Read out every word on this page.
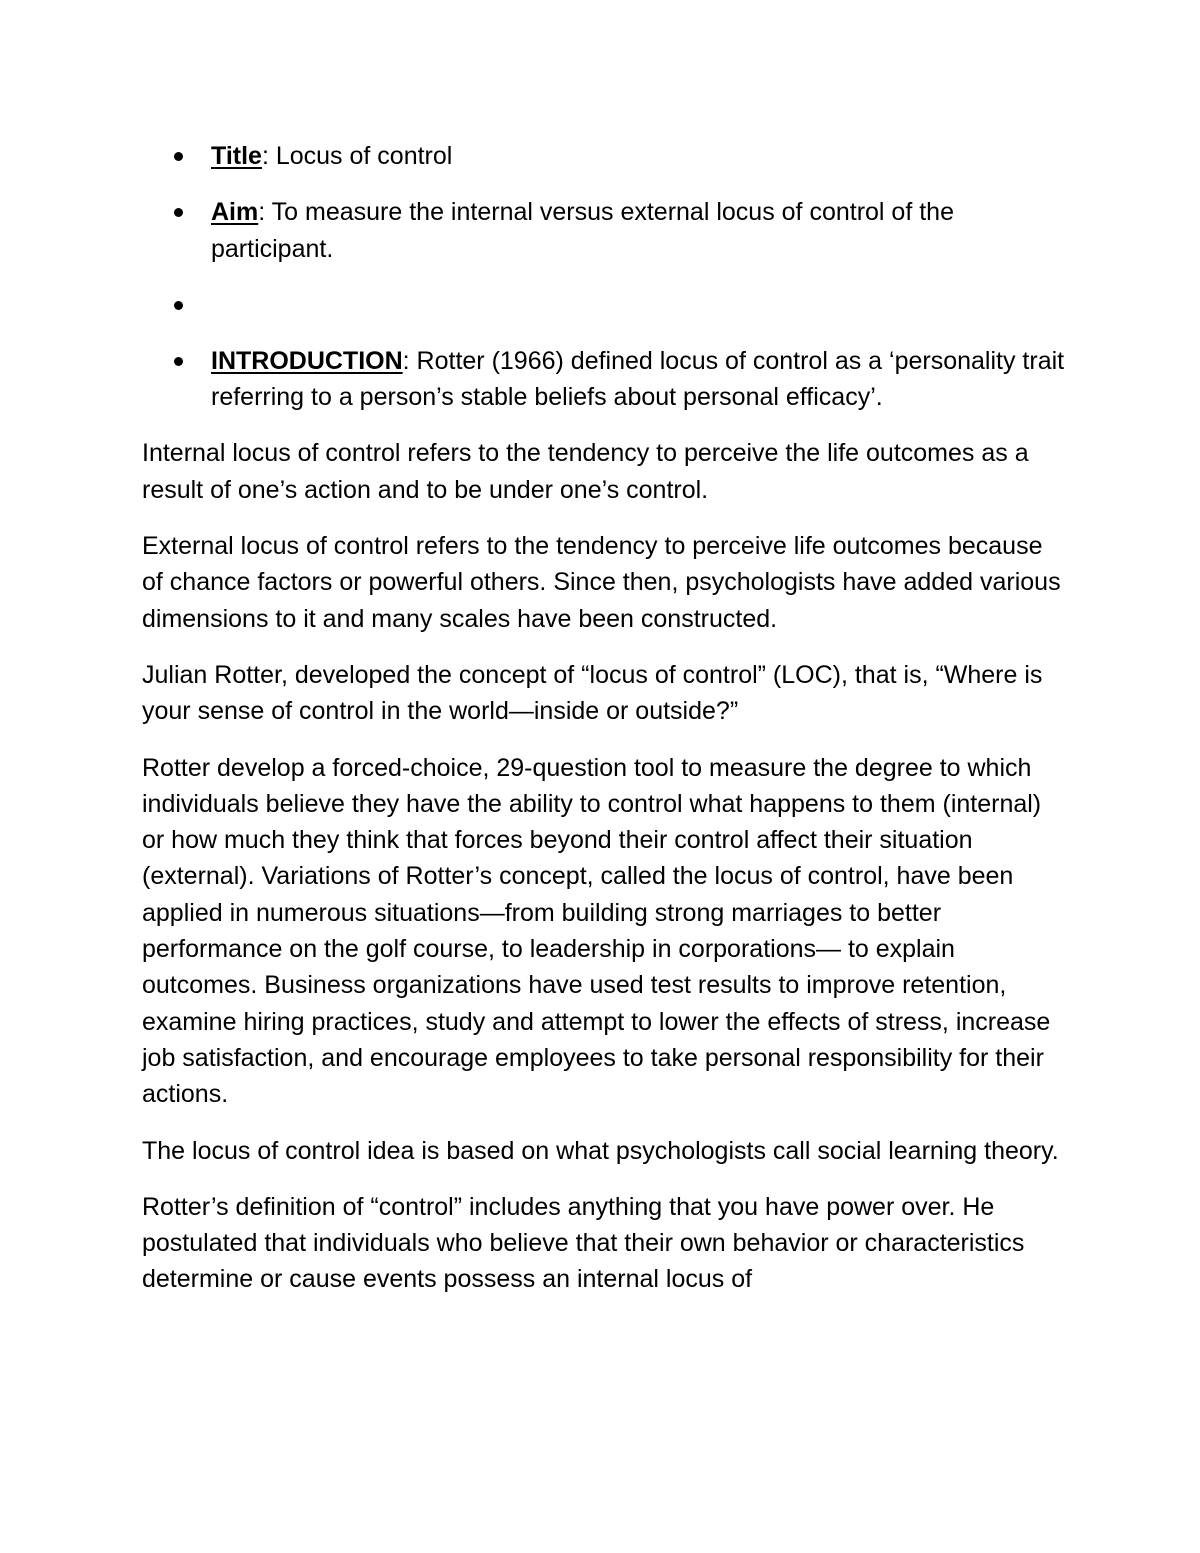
Title: Locus of control
Aim: To measure the internal versus external locus of control of the participant.
INTRODUCTION: Rotter (1966) defined locus of control as a ‘personality trait referring to a person’s stable beliefs about personal efficacy’.

Internal locus of control refers to the tendency to perceive the life outcomes as a result of one’s action and to be under one’s control.

External locus of control refers to the tendency to perceive life outcomes because of chance factors or powerful others. Since then, psychologists have added various dimensions to it and many scales have been constructed.

Julian Rotter, developed the concept of “locus of control” (LOC), that is, “Where is your sense of control in the world—inside or outside?”

Rotter develop a forced-choice, 29-question tool to measure the degree to which individuals believe they have the ability to control what happens to them (internal) or how much they think that forces beyond their control affect their situation (external). Variations of Rotter’s concept, called the locus of control, have been applied in numerous situations—from building strong marriages to better performance on the golf course, to leadership in corporations— to explain outcomes. Business organizations have used test results to improve retention, examine hiring practices, study and attempt to lower the effects of stress, increase job satisfaction, and encourage employees to take personal responsibility for their actions.

The locus of control idea is based on what psychologists call social learning theory.

Rotter’s definition of “control” includes anything that you have power over. He postulated that individuals who believe that their own behavior or characteristics determine or cause events possess an internal locus of
